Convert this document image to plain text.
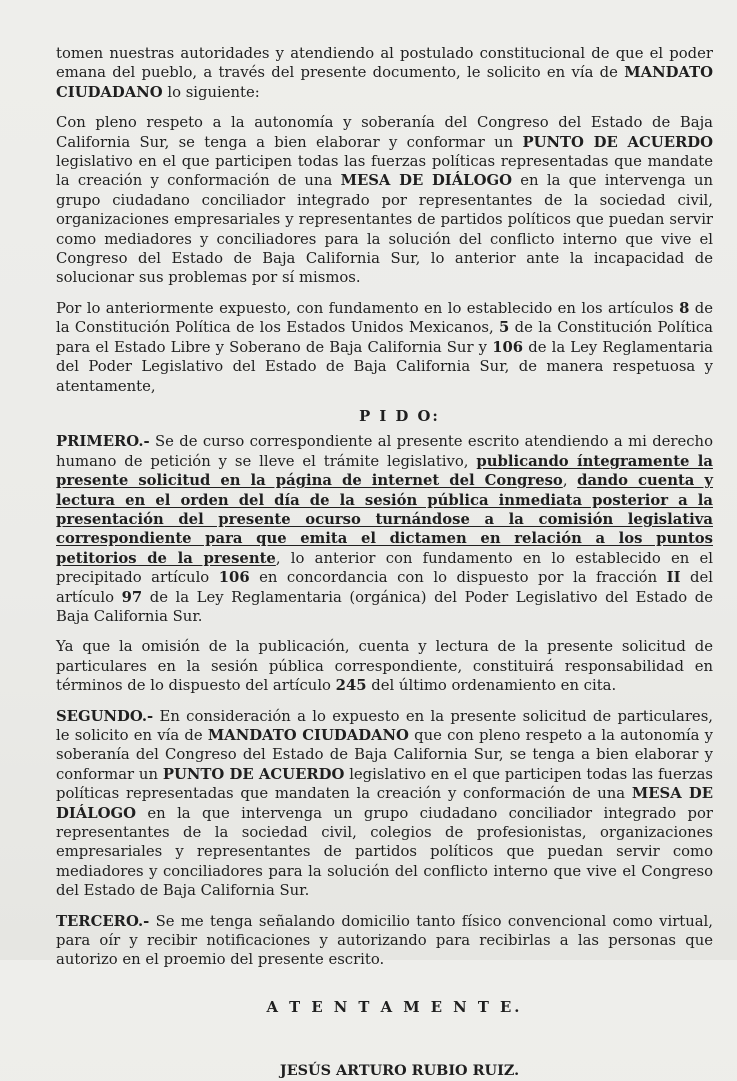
tomen nuestras autoridades y atendiendo al postulado constitucional de que el poder emana del pueblo, a través del presente documento, le solicito en vía de MANDATO CIUDADANO lo siguiente:

Con pleno respeto a la autonomía y soberanía del Congreso del Estado de Baja California Sur, se tenga a bien elaborar y conformar un PUNTO DE ACUERDO legislativo en el que participen todas las fuerzas políticas representadas que mandate la creación y conformación de una MESA DE DIÁLOGO en la que intervenga un grupo ciudadano conciliador integrado por representantes de la sociedad civil, organizaciones empresariales y representantes de partidos políticos que puedan servir como mediadores y conciliadores para la solución del conflicto interno que vive el Congreso del Estado de Baja California Sur, lo anterior ante la incapacidad de solucionar sus problemas por sí mismos.

Por lo anteriormente expuesto, con fundamento en lo establecido en los artículos 8 de la Constitución Política de los Estados Unidos Mexicanos, 5 de la Constitución Política para el Estado Libre y Soberano de Baja California Sur y 106 de la Ley Reglamentaria del Poder Legislativo del Estado de Baja California Sur, de manera respetuosa y atentamente,

P I D O:

PRIMERO.- Se de curso correspondiente al presente escrito atendiendo a mi derecho humano de petición y se lleve el trámite legislativo, publicando íntegramente la presente solicitud en la página de internet del Congreso, dando cuenta y lectura en el orden del día de la sesión pública inmediata posterior a la presentación del presente ocurso turnándose a la comisión legislativa correspondiente para que emita el dictamen en relación a los puntos petitorios de la presente, lo anterior con fundamento en lo establecido en el precipitado artículo 106 en concordancia con lo dispuesto por la fracción II del artículo 97 de la Ley Reglamentaria (orgánica) del Poder Legislativo del Estado de Baja California Sur.

Ya que la omisión de la publicación, cuenta y lectura de la presente solicitud de particulares en la sesión pública correspondiente, constituirá responsabilidad en términos de lo dispuesto del artículo 245 del último ordenamiento en cita.

SEGUNDO.- En consideración a lo expuesto en la presente solicitud de particulares, le solicito en vía de MANDATO CIUDADANO que con pleno respeto a la autonomía y soberanía del Congreso del Estado de Baja California Sur, se tenga a bien elaborar y conformar un PUNTO DE ACUERDO legislativo en el que participen todas las fuerzas políticas representadas que mandaten la creación y conformación de una MESA DE DIÁLOGO en la que intervenga un grupo ciudadano conciliador integrado por representantes de la sociedad civil, colegios de profesionistas, organizaciones empresariales y representantes de partidos políticos que puedan servir como mediadores y conciliadores para la solución del conflicto interno que vive el Congreso del Estado de Baja California Sur.

TERCERO.- Se me tenga señalando domicilio tanto físico convencional como virtual, para oír y recibir notificaciones y autorizando para recibirlas a las personas que autorizo en el proemio del presente escrito.

A T E N T A M E N T E.
JESÚS ARTURO RUBIO RUIZ.
